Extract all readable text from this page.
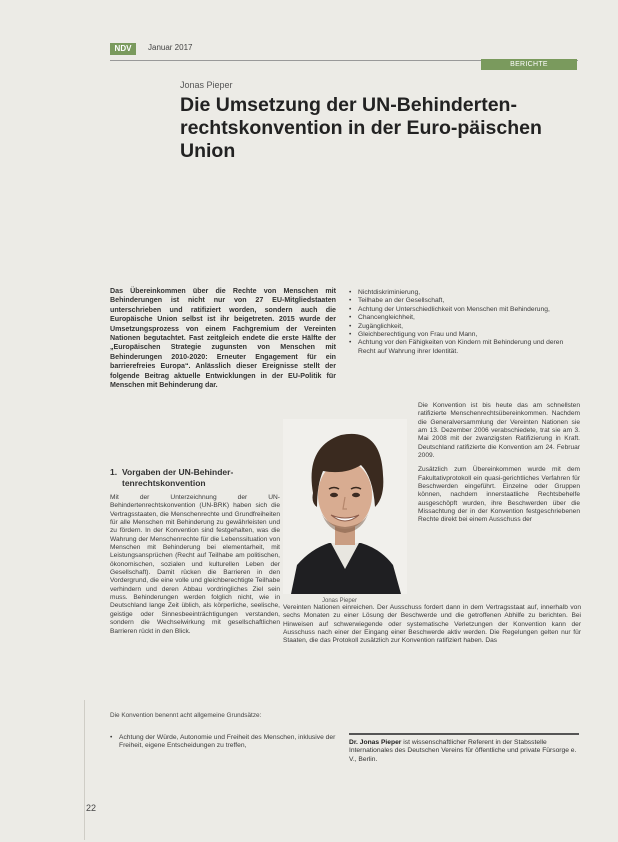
NDV	Januar 2017
BERICHTE
Jonas Pieper
Die Umsetzung der UN-Behinderten-rechtskonvention in der Euro-päischen Union
Das Übereinkommen über die Rechte von Menschen mit Behinderungen ist nicht nur von 27 EU-Mitgliedstaaten unterschrieben und ratifiziert worden, sondern auch die Europäische Union selbst ist ihr beigetreten. 2015 wurde der Umsetzungsprozess von einem Fachgremium der Vereinten Nationen begutachtet. Fast zeitgleich endete die erste Hälfte der „Europäischen Strategie zugunsten von Menschen mit Behinderungen 2010-2020: Erneuter Engagement für ein barrierefreies Europa“. Anlässlich dieser Ereignisse stellt der folgende Beitrag aktuelle Entwicklungen in der EU-Politik für Menschen mit Behinderung dar.
1. Vorgaben der UN-Behinder-
tenrechtskonvention
Mit der Unterzeichnung der UN-Behindertenrechtskonvention (UN-BRK) haben sich die Vertragsstaaten, die Menschenrechte und Grundfreiheiten für alle Menschen mit Behinderung zu gewährleisten und zu fördern. In der Konvention sind festgehalten, was die Wahrung der Menschenrechte für die Lebenssituation von Menschen mit Behinderung bei elementarheit, mit Leistungsansprüchen (Recht auf Teilhabe am politischen, ökonomischen, sozialen und kulturellen Leben der Gesellschaft). Damit rücken die Barrieren in den Vordergrund, die eine volle und gleichberechtigte Teilhabe verhindern und deren Abbau vordringliches Ziel sein muss. Behinderungen werden folglich nicht, wie in Deutschland lange Zeit üblich, als körperliche, seelische, geistige oder Sinnesbeeinträchtigungen verstanden, sondern die Wechselwirkung mit gesellschaftlichen Barrieren rückt in den Blick.
Jonas Pieper
• Nichtdiskriminierung,
• Teilhabe an der Gesellschaft,
• Achtung der Unterschiedlichkeit von Menschen mit Behinderung,
• Chancengleichheit,
• Zugänglichkeit,
• Gleichberechtigung von Frau und Mann,
• Achtung vor den Fähigkeiten von Kindern mit Behinderung und deren Recht auf Wahrung ihrer Identität.

Die Konvention ist bis heute das am schnellsten ratifizierte Menschenrechtsübereinkommen. Nachdem die Generalversammlung der Vereinten Nationen sie am 13. Dezember 2006 verabschiedete, trat sie am 3. Mai 2008 mit der zwanzigsten Ratifizierung in Kraft. Deutschland ratifizierte die Konvention am 24. Februar 2009.

Zusätzlich zum Übereinkommen wurde mit dem Fakultativprotokoll ein quasi-gerichtliches Verfahren für Beschwerden eingeführt. Einzelne oder Gruppen können, nachdem innerstaatliche Rechtsbehelfe ausgeschöpft wurden, ihre Beschwerden über die Missachtung der in der Konvention festgeschriebenen Rechte direkt bei einem Ausschuss der

Vereinten Nationen einreichen. Der Ausschuss fordert dann in dem Vertragsstaat auf, innerhalb von sechs Monaten zu einer Lösung der Beschwerde und die getroffenen Abhilfe zu berichten. Bei Hinweisen auf schwerwiegende oder systematische Verletzungen der Konvention kann der Ausschuss nach einer der Eingang einer Beschwerde aktiv werden. Die Regelungen gelten nur für Staaten, die das Protokoll zusätzlich zur Konvention ratifiziert haben. Das
Die Konvention benennt acht allgemeine Grundsätze:
• Achtung der Würde, Autonomie und Freiheit des Menschen, inklusive der Freiheit, eigene Entscheidungen zu treffen,	Dr. Jonas Pieper ist wissenschaftlicher Referent in der Stabsstelle Internationales des Deutschen Vereins für öffentliche und private Fürsorge e. V., Berlin.
22
